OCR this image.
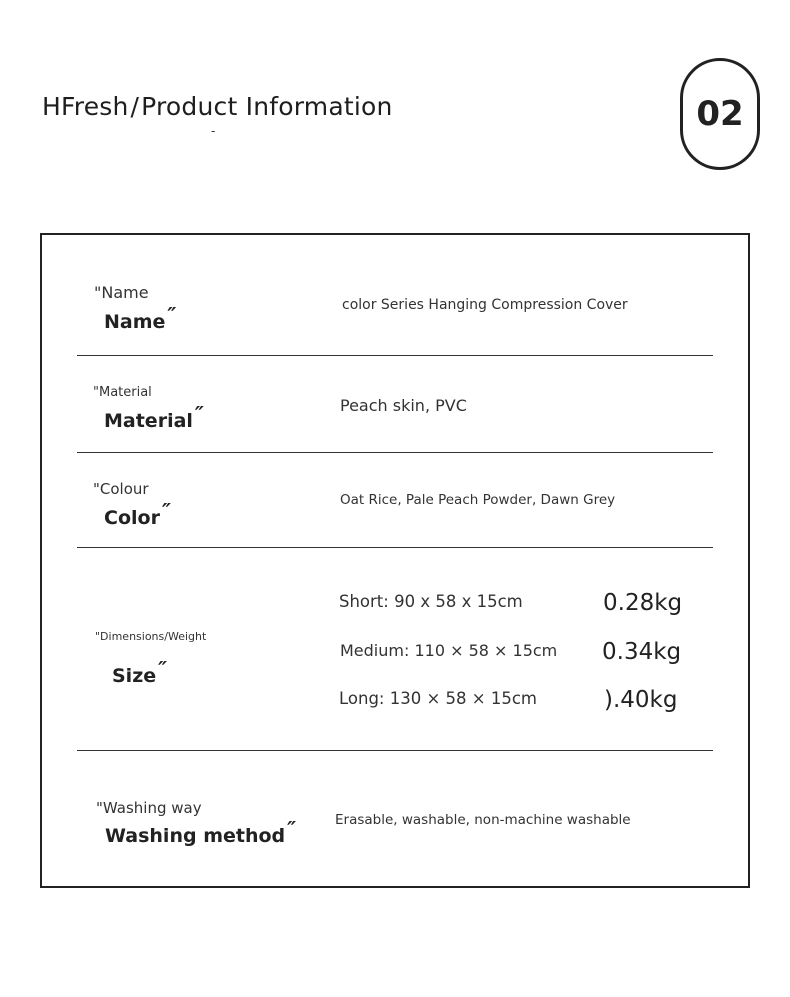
HFresh/Product Information
-	02
"Name
Name ″	color Series Hanging Compression Cover
"Material
Material ″	Peach skin, PVC
"Colour
Color ″	Oat Rice, Pale Peach Powder, Dawn Grey
"Dimensions/Weight
Size ″
Short: 90 x 58 x 15cm	0.28kg
Medium: 110 × 58 × 15cm 0.34kg
Long: 130 × 58 × 15cm	).40kg
"Washing way
Washing method ″	Erasable, washable, non-machine washable
